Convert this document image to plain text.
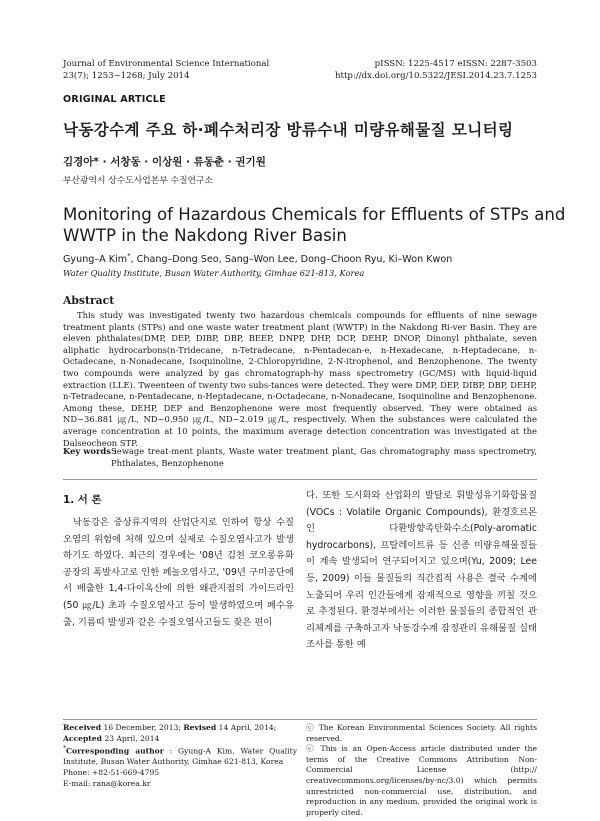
Journal of Environmental Science International
23(7); 1253~1268; July 2014
pISSN: 1225-4517 eISSN: 2287-3503
http://dx.doi.org/10.5322/JESI.2014.23.7.1253
ORIGINAL ARTICLE
낙동강수계 주요 하·폐수처리장 방류수내 미량유해물질 모니터링
김경아* · 서창동 · 이상원 · 류동춘 · 권기원
부산광역시 상수도사업본부 수질연구소
Monitoring of Hazardous Chemicals for Effluents of STPs and
WWTP in the Nakdong River Basin
Gyung–A Kim*, Chang–Dong Seo, Sang–Won Lee, Dong–Choon Ryu, Ki–Won Kwon
Water Quality Institute, Busan Water Authority, Gimhae 621-813, Korea
Abstract

This study was investigated twenty two hazardous chemicals compounds for effluents of nine sewage treatment plants (STPs) and one waste water treatment plant (WWTP) in the Nakdong Ri-ver Basin. They are eleven phthalates(DMP, DEP, DIBP, DBP, BEEP, DNPP, DHP, DCP, DEHP, DNOP, Dinonyl phthalate, seven aliphatic hydrocarbons(n-Tridecane, n-Tetradecane, n-Pentadecan-e, n-Hexadecane, n-Heptadecane, n-Octadecane, n-Nonadecane, Isoquinoline, 2-Chloropyridine, 2-N-itrophenol, and Benzophenone. The twenty two compounds were analyzed by gas chromatograph-hy mass spectrometry (GC/MS) with liquid-liquid extraction (LLE). Tweenteen of twenty two subs-tances were detected. They were DMP, DEP, DIBP, DBP, DEHP, n-Tetradecane, n-Pentadecane, n-Heptadecane, n-Octadecane, n-Nonadecane, Isoquinoline and Benzophenone. Among these, DEHP, DEP and Benzophenone were most frequently observed. They were obtained as ND~36.881 ㎍/L, ND~0.950 ㎍/L, ND~2.019 ㎍/L, respectively. When the substances were calculated the average concentration at 10 points, the maximum average detection concentration was investigated at the Dalseocheon STP.

Key words :
Sewage treat-ment plants, Waste water treatment plant, Gas chromatography mass spectrometry, Phthalates, Benzophenone
1. 서 론

낙동강은 중상류지역의 산업단지로 인하여 항상 수질오염의 위험에 처해 있으며 실제로 수질오염사고가 발생하기도 하였다. 최근의 경우에는 '08년 김천 코오롱유화공장의 폭발사고로 인한 페놀오염사고, '09년 구미공단에서 배출한 1,4-다이옥산에 의한 왜관지점의 가이드라인(50 ㎍/L) 초과 수질오염사고 등이 발생하였으며 폐수유출, 기름띠 발생과 같은 수질오염사고들도 잦은 편이

다. 또한 도시화와 산업화의 발달로 휘발성유기화합물질(VOCs : Volatile Organic Compounds), 환경호르몬인 다환방향족탄화수소(Poly-aromatic hydrocarbons), 프탈레이트류 등 신종 미량유해물질들이 계속 발생되어 연구되어지고 있으며(Yu, 2009; Lee 등, 2009) 이들 물질들의 직간접적 사용은 결국 수계에 노출되어 우리 인간들에게 잠재적으로 영향을 끼칠 것으로 추정된다. 환경부에서는 이러한 물질들의 종합적인 관리체계를 구축하고자 낙동강수계 잠정관리 유해물질 실태조사를 통한 예

Received 16 December, 2013; Revised 14 April, 2014;
Accepted 23 April, 2014
*Corresponding author : Gyung-A Kim, Water Quality Institute, Busan Water Authority, Gimhae 621-813, Korea
Phone: +82-51-669-4795
E-mail: rana@korea.kr
ⓒ The Korean Environmental Sciences Society. All rights reserved.
ⓒ This is an Open-Access article distributed under the terms of the Creative Commons Attribution Non-Commercial License (http:// creativecommons.org/licenses/by-nc/3.0) which permits unrestricted non-commercial use, distribution, and reproduction in any medium, provided the original work is properly cited.
